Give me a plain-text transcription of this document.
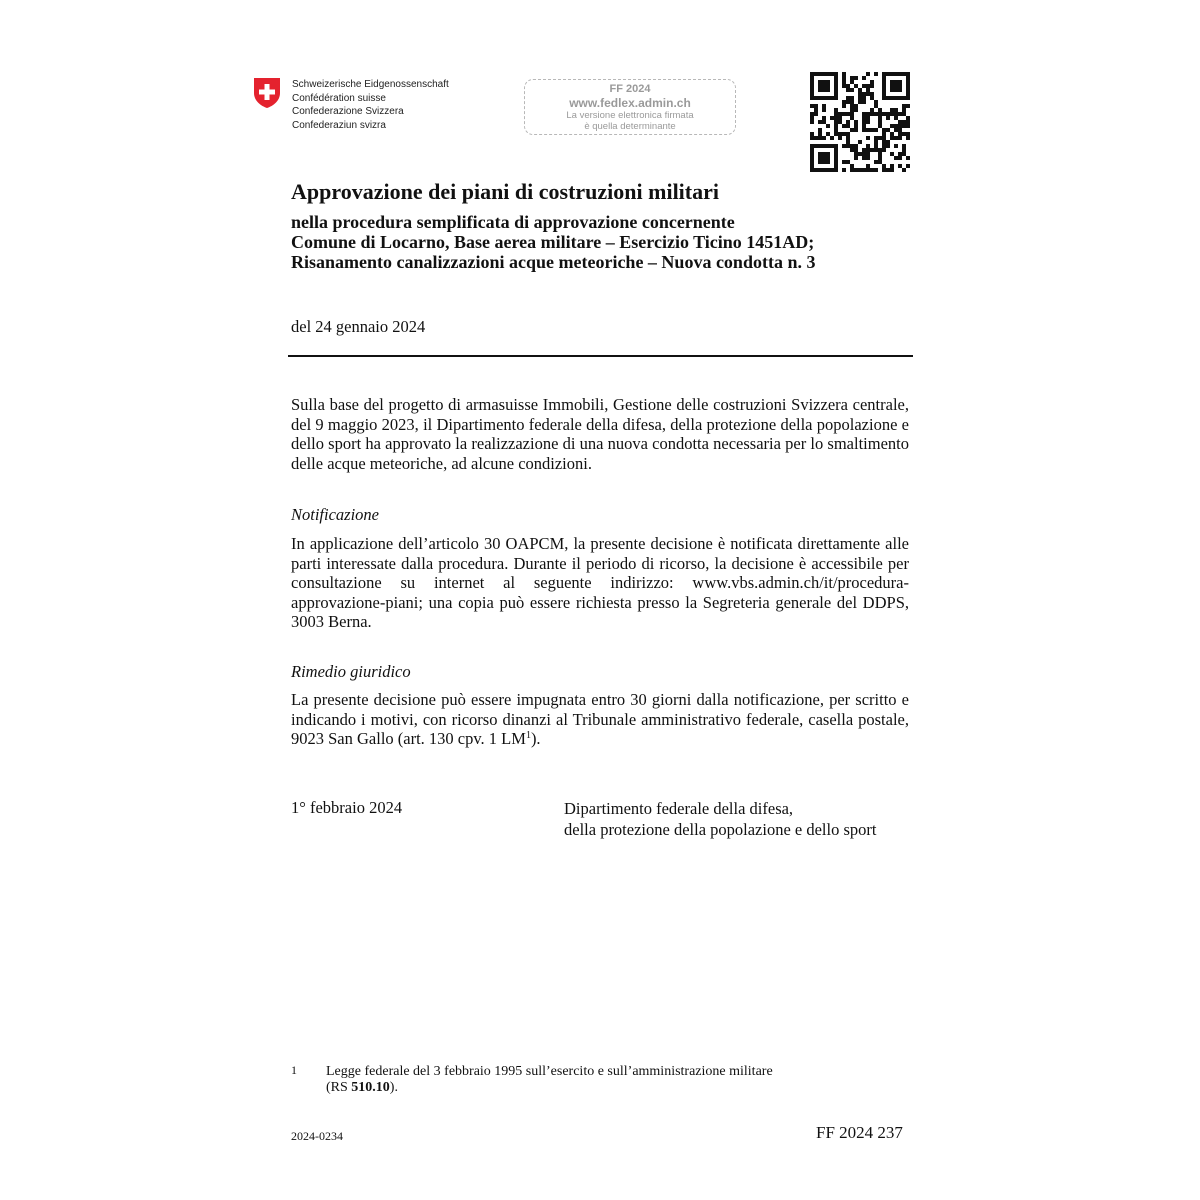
Schweizerische Eidgenossenschaft
Confédération suisse
Confederazione Svizzera
Confederaziun svizra
FF 2024
www.fedlex.admin.ch
La versione elettronica firmata
è quella determinante
Approvazione dei piani di costruzioni militari
nella procedura semplificata di approvazione concernente
Comune di Locarno, Base aerea militare – Esercizio Ticino 1451AD;
Risanamento canalizzazioni acque meteoriche – Nuova condotta n. 3
del 24 gennaio 2024
Sulla base del progetto di armasuisse Immobili, Gestione delle costruzioni Svizzera centrale, del 9 maggio 2023, il Dipartimento federale della difesa, della protezione della popolazione e dello sport ha approvato la realizzazione di una nuova condotta necessaria per lo smaltimento delle acque meteoriche, ad alcune condizioni.
Notificazione
In applicazione dell’articolo 30 OAPCM, la presente decisione è notificata direttamente alle parti interessate dalla procedura. Durante il periodo di ricorso, la decisione è accessibile per consultazione su internet al seguente indirizzo: www.vbs.admin.ch/it/procedura-approvazione-piani; una copia può essere richiesta presso la Segreteria generale del DDPS, 3003 Berna.
Rimedio giuridico
La presente decisione può essere impugnata entro 30 giorni dalla notificazione, per scritto e indicando i motivi, con ricorso dinanzi al Tribunale amministrativo federale, casella postale, 9023 San Gallo (art. 130 cpv. 1 $LM^1$).
1° febbraio 2024	Dipartimento federale della difesa,
della protezione della popolazione e dello sport
1 Legge federale del 3 febbraio 1995 sull’esercito e sull’amministrazione militare
(RS 510.10).
2024-0234	FF 2024 237
